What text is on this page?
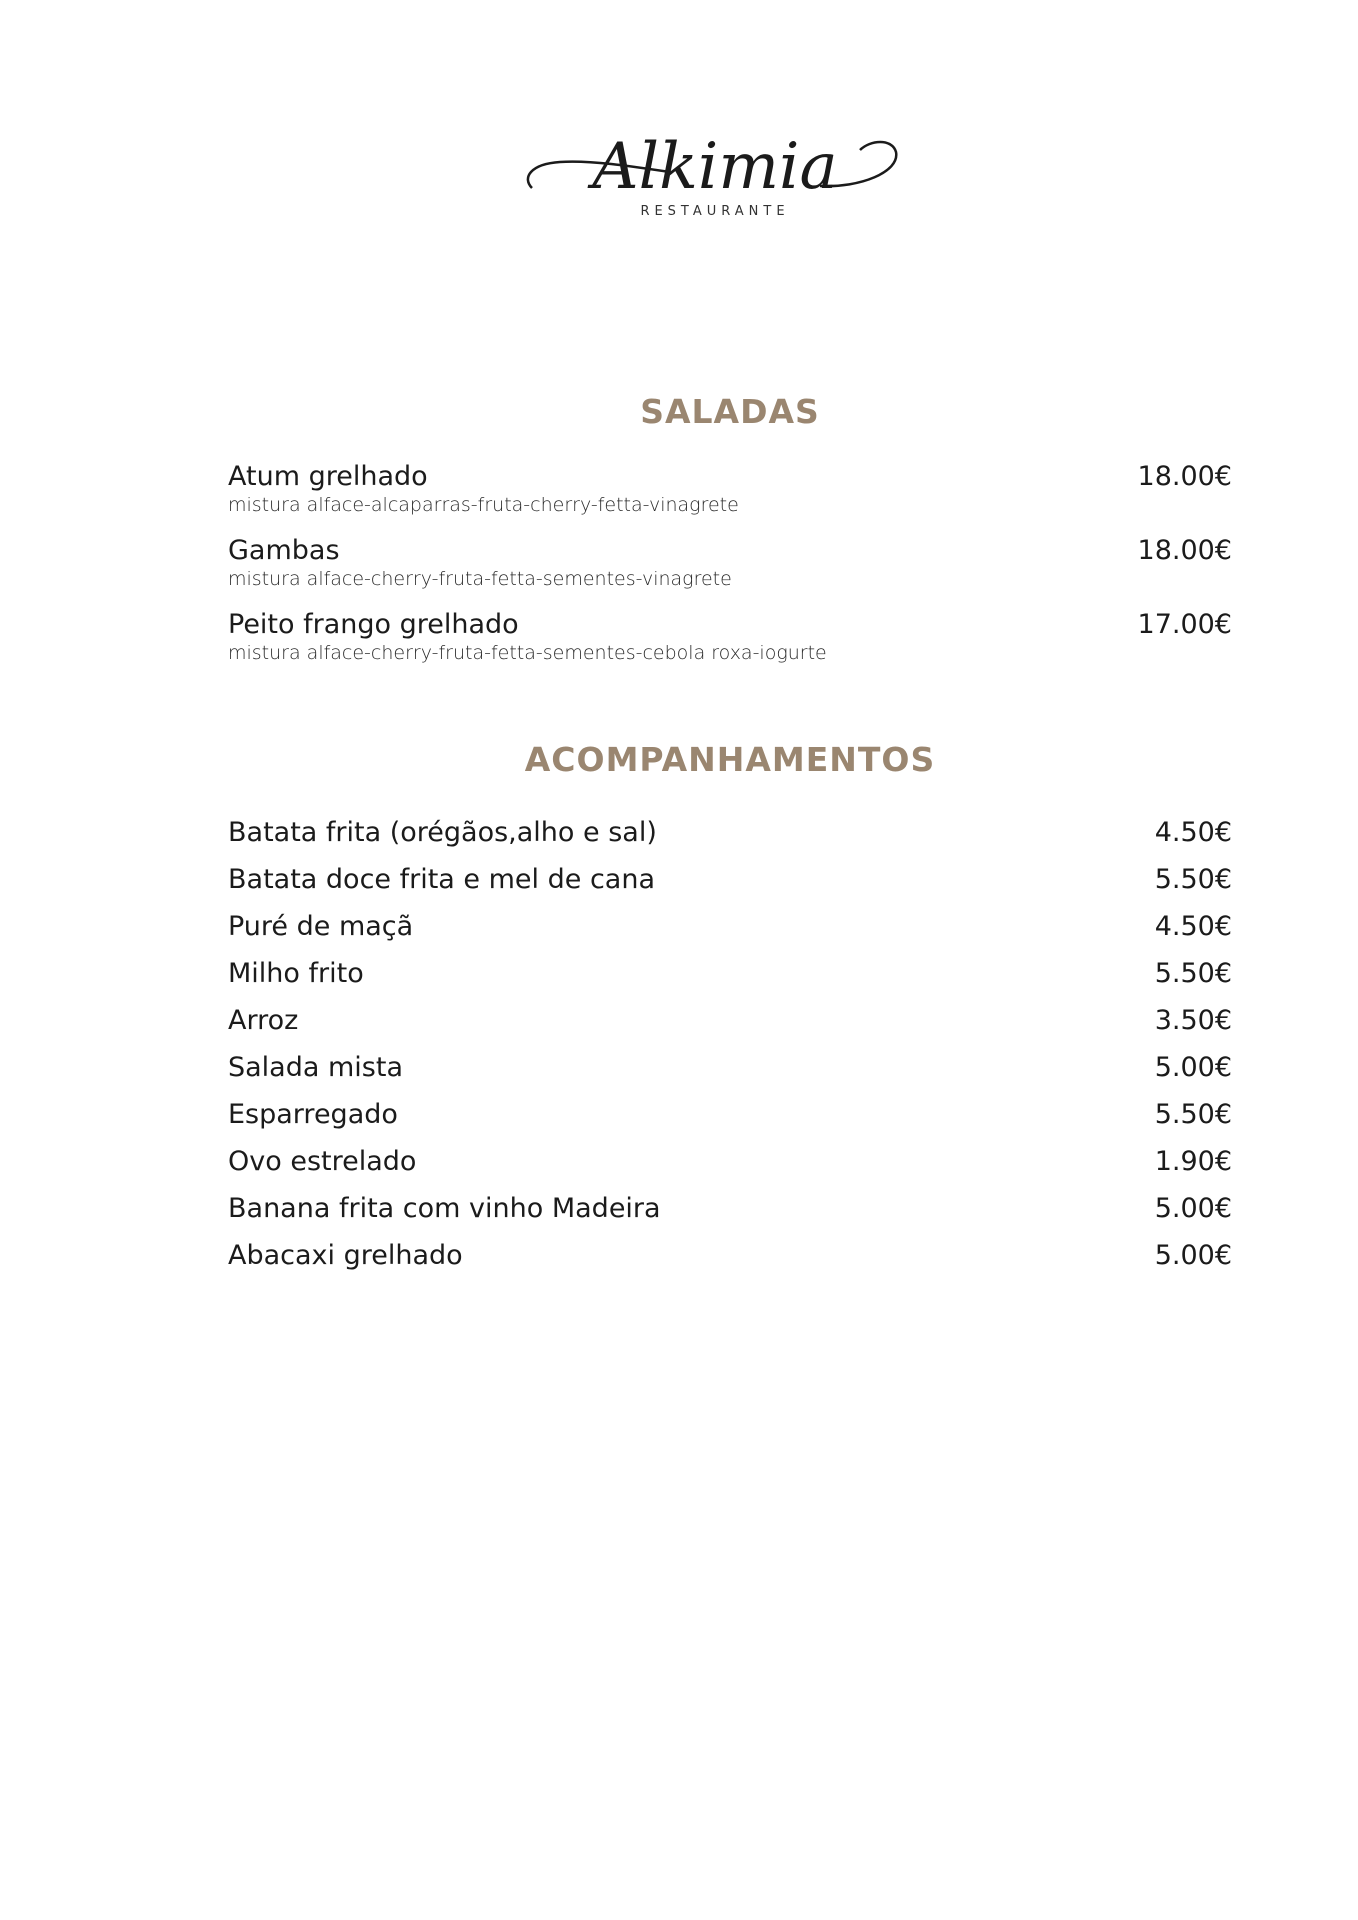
Alkimia
RESTAURANTE
SALADAS
Atum grelhado
mistura alface-alcaparras-fruta-cherry-fetta-vinagrete
18.00€
Gambas
mistura alface-cherry-fruta-fetta-sementes-vinagrete
18.00€
Peito frango grelhado
mistura alface-cherry-fruta-fetta-sementes-cebola roxa-iogurte
17.00€
ACOMPANHAMENTOS
Batata frita (orégãos,alho e sal)	4.50€
Batata doce frita e mel de cana	5.50€
Puré de maçã	4.50€
Milho frito	5.50€
Arroz	3.50€
Salada mista	5.00€
Esparregado	5.50€
Ovo estrelado	1.90€
Banana frita com vinho Madeira	5.00€
Abacaxi grelhado	5.00€
